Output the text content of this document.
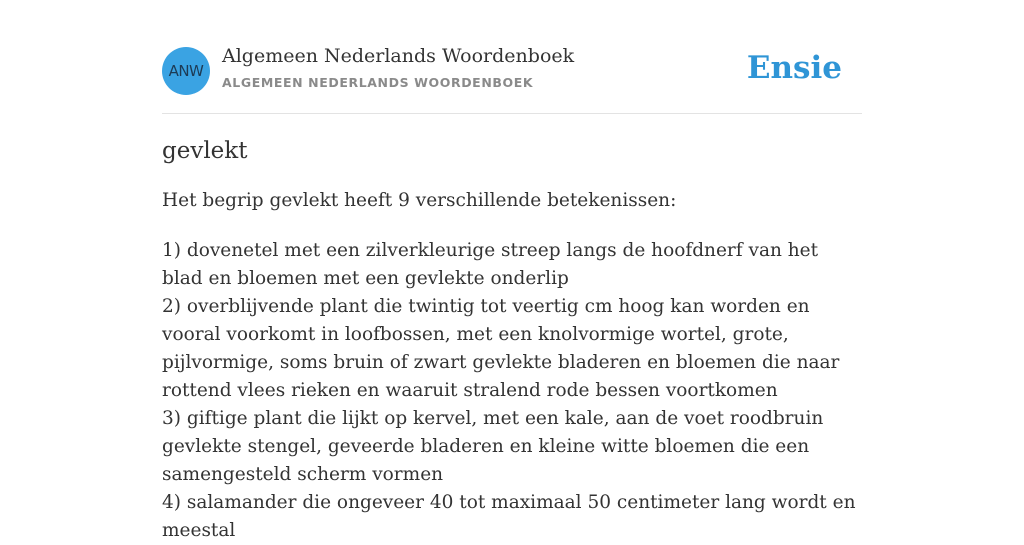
ANW
Algemeen Nederlands Woordenboek
ALGEMEEN NEDERLANDS WOORDENBOEK	Ensie
gevlekt
Het begrip gevlekt heeft 9 verschillende betekenissen:

1) dovenetel met een zilverkleurige streep langs de hoofdnerf van het blad en bloemen met een gevlekte onderlip

2) overblijvende plant die twintig tot veertig cm hoog kan worden en vooral voorkomt in loofbossen, met een knolvormige wortel, grote, pijlvormige, soms bruin of zwart gevlekte bladeren en bloemen die naar rottend vlees rieken en waaruit stralend rode bessen voortkomen

3) giftige plant die lijkt op kervel, met een kale, aan de voet roodbruin gevlekte stengel, geveerde bladeren en kleine witte bloemen die een samengesteld scherm vormen

4) salamander die ongeveer 40 tot maximaal 50 centimeter lang wordt en meestal
